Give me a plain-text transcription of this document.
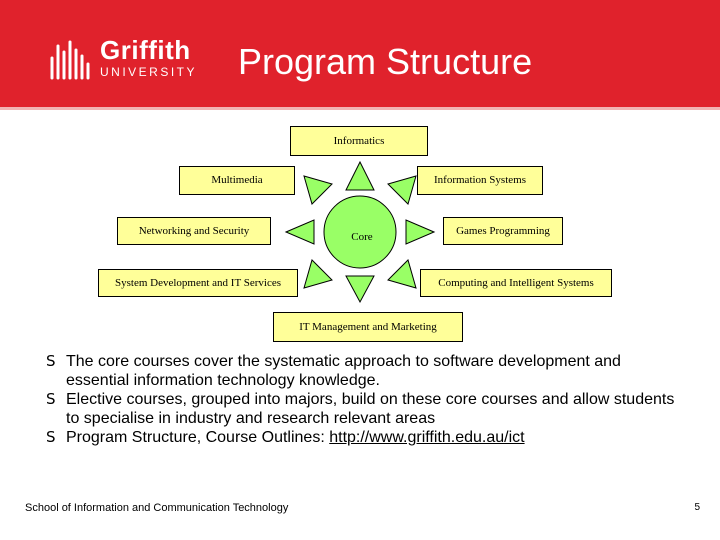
Griffith
UNIVERSITY Program Structure
Core
Informatics
Multimedia	Information Systems
Networking and Security	Games Programming
System Development and IT Services	Computing and Intelligent Systems
IT Management and Marketing

S The core courses cover the systematic approach to software development and essential information technology knowledge.

S Elective courses, grouped into majors, build on these core courses and allow students to specialise in industry and research relevant areas

S Program Structure, Course Outlines: http://www.griffith.edu.au/ict

School of Information and Communication Technology	5
